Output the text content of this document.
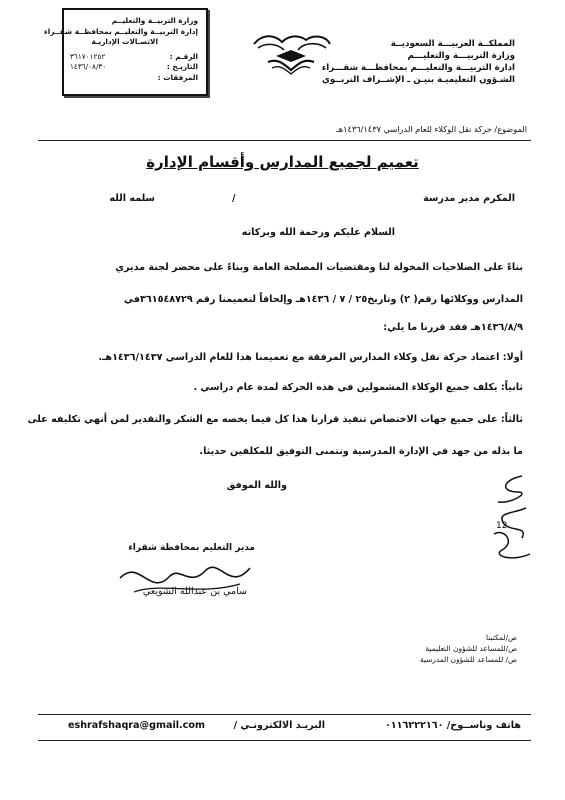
المملكــة العربيـــة السعوديــة
وزارة التربيـــة والتعليـــم
ادارة التربيـــة والتعليـــم بمحافظـــة شقـــراء
الشـؤون التعليميـة بنيـن ـ الإشــراف التربــوي
وزارة التربيــة والتعليــم
إدارة التربيــة والتعليــم بمحافظــة شقــراء
الاتصـالات الإداريـة
الرقـم :
٣٦١٧٠١٢٥٢
التاريـخ :
١٤٣٦/٠٨/٣٠
المرفقات :
الموضوع/ حركة نقل الوكلاء للعام الدراسي ١٤٣٦/١٤٣٧هـ
تعميم لجميع المدارس وأقسام الإدارة
المكرم مدير مدرسة
/
سلمه الله
السلام عليكم ورحمة الله وبركاته
بناءً على الصلاحيات المخولة لنا ومقتضيات المصلحة العامة وبناءً على محضر لجنة مديري
المدارس ووكلائها رقم( ٢) وتاريخ٢٥ / ٧ / ١٤٣٦هـ وإلحاقاً لتعميمنا رقم ٣٦١٥٤٨٧٢٩في
١٤٣٦/٨/٩هـ فقد قررنا ما يلي:
أولا: اعتماد حركة نقل وكلاء المدارس المرفقة مع تعميمنا هذا للعام الدراسي ١٤٣٦/١٤٣٧هـ.
ثانياً: يكلف جميع الوكلاء المشمولين في هذه الحركة لمدة عام دراسي .
ثالثاً: على جميع جهات الاختصاص تنفيذ قرارنا هذا كل فيما يخصه مع الشكر والتقدير لمن أنهي تكليفه على
ما بذله من جهد في الإدارة المدرسية ونتمنى التوفيق للمكلفين حديثا.
والله الموفق
مدير التعليم بمحافظة شقراء
سامي بن عبدالله الشويعي
12
ص/لمكتبنا
ص/للمساعد للشؤون التعليمية
ص/ للمساعد للشؤون المدرسية
هاتف وناســوخ/ ٠١١٦٢٢٢١٦٠
البريـد الالكترونـي /
eshrafshaqra@gmail.com
